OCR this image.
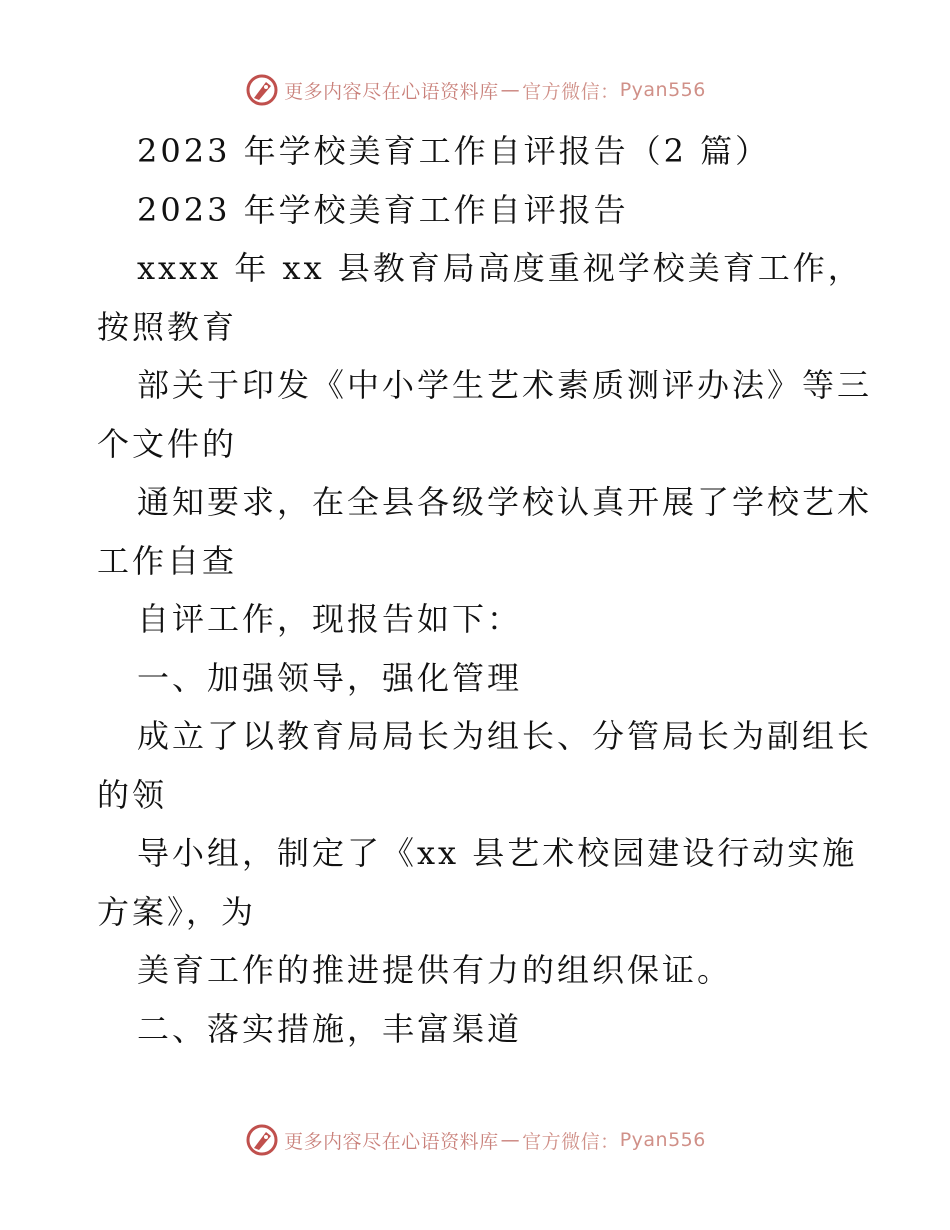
更多内容尽在心语资料库 — 官方微信： Pyan556
2023 年学校美育工作自评报告（2 篇）
2023 年学校美育工作自评报告
xxxx 年 xx 县教育局高度重视学校美育工作，
按照教育
部关于印发《中小学生艺术素质测评办法》等三
个文件的
通知要求，在全县各级学校认真开展了学校艺术
工作自查
自评工作，现报告如下：
一、加强领导，强化管理
成立了以教育局局长为组长、分管局长为副组长
的领
导小组，制定了《xx 县艺术校园建设行动实施
方案》，为
美育工作的推进提供有力的组织保证。
二、落实措施，丰富渠道
更多内容尽在心语资料库 — 官方微信： Pyan556
